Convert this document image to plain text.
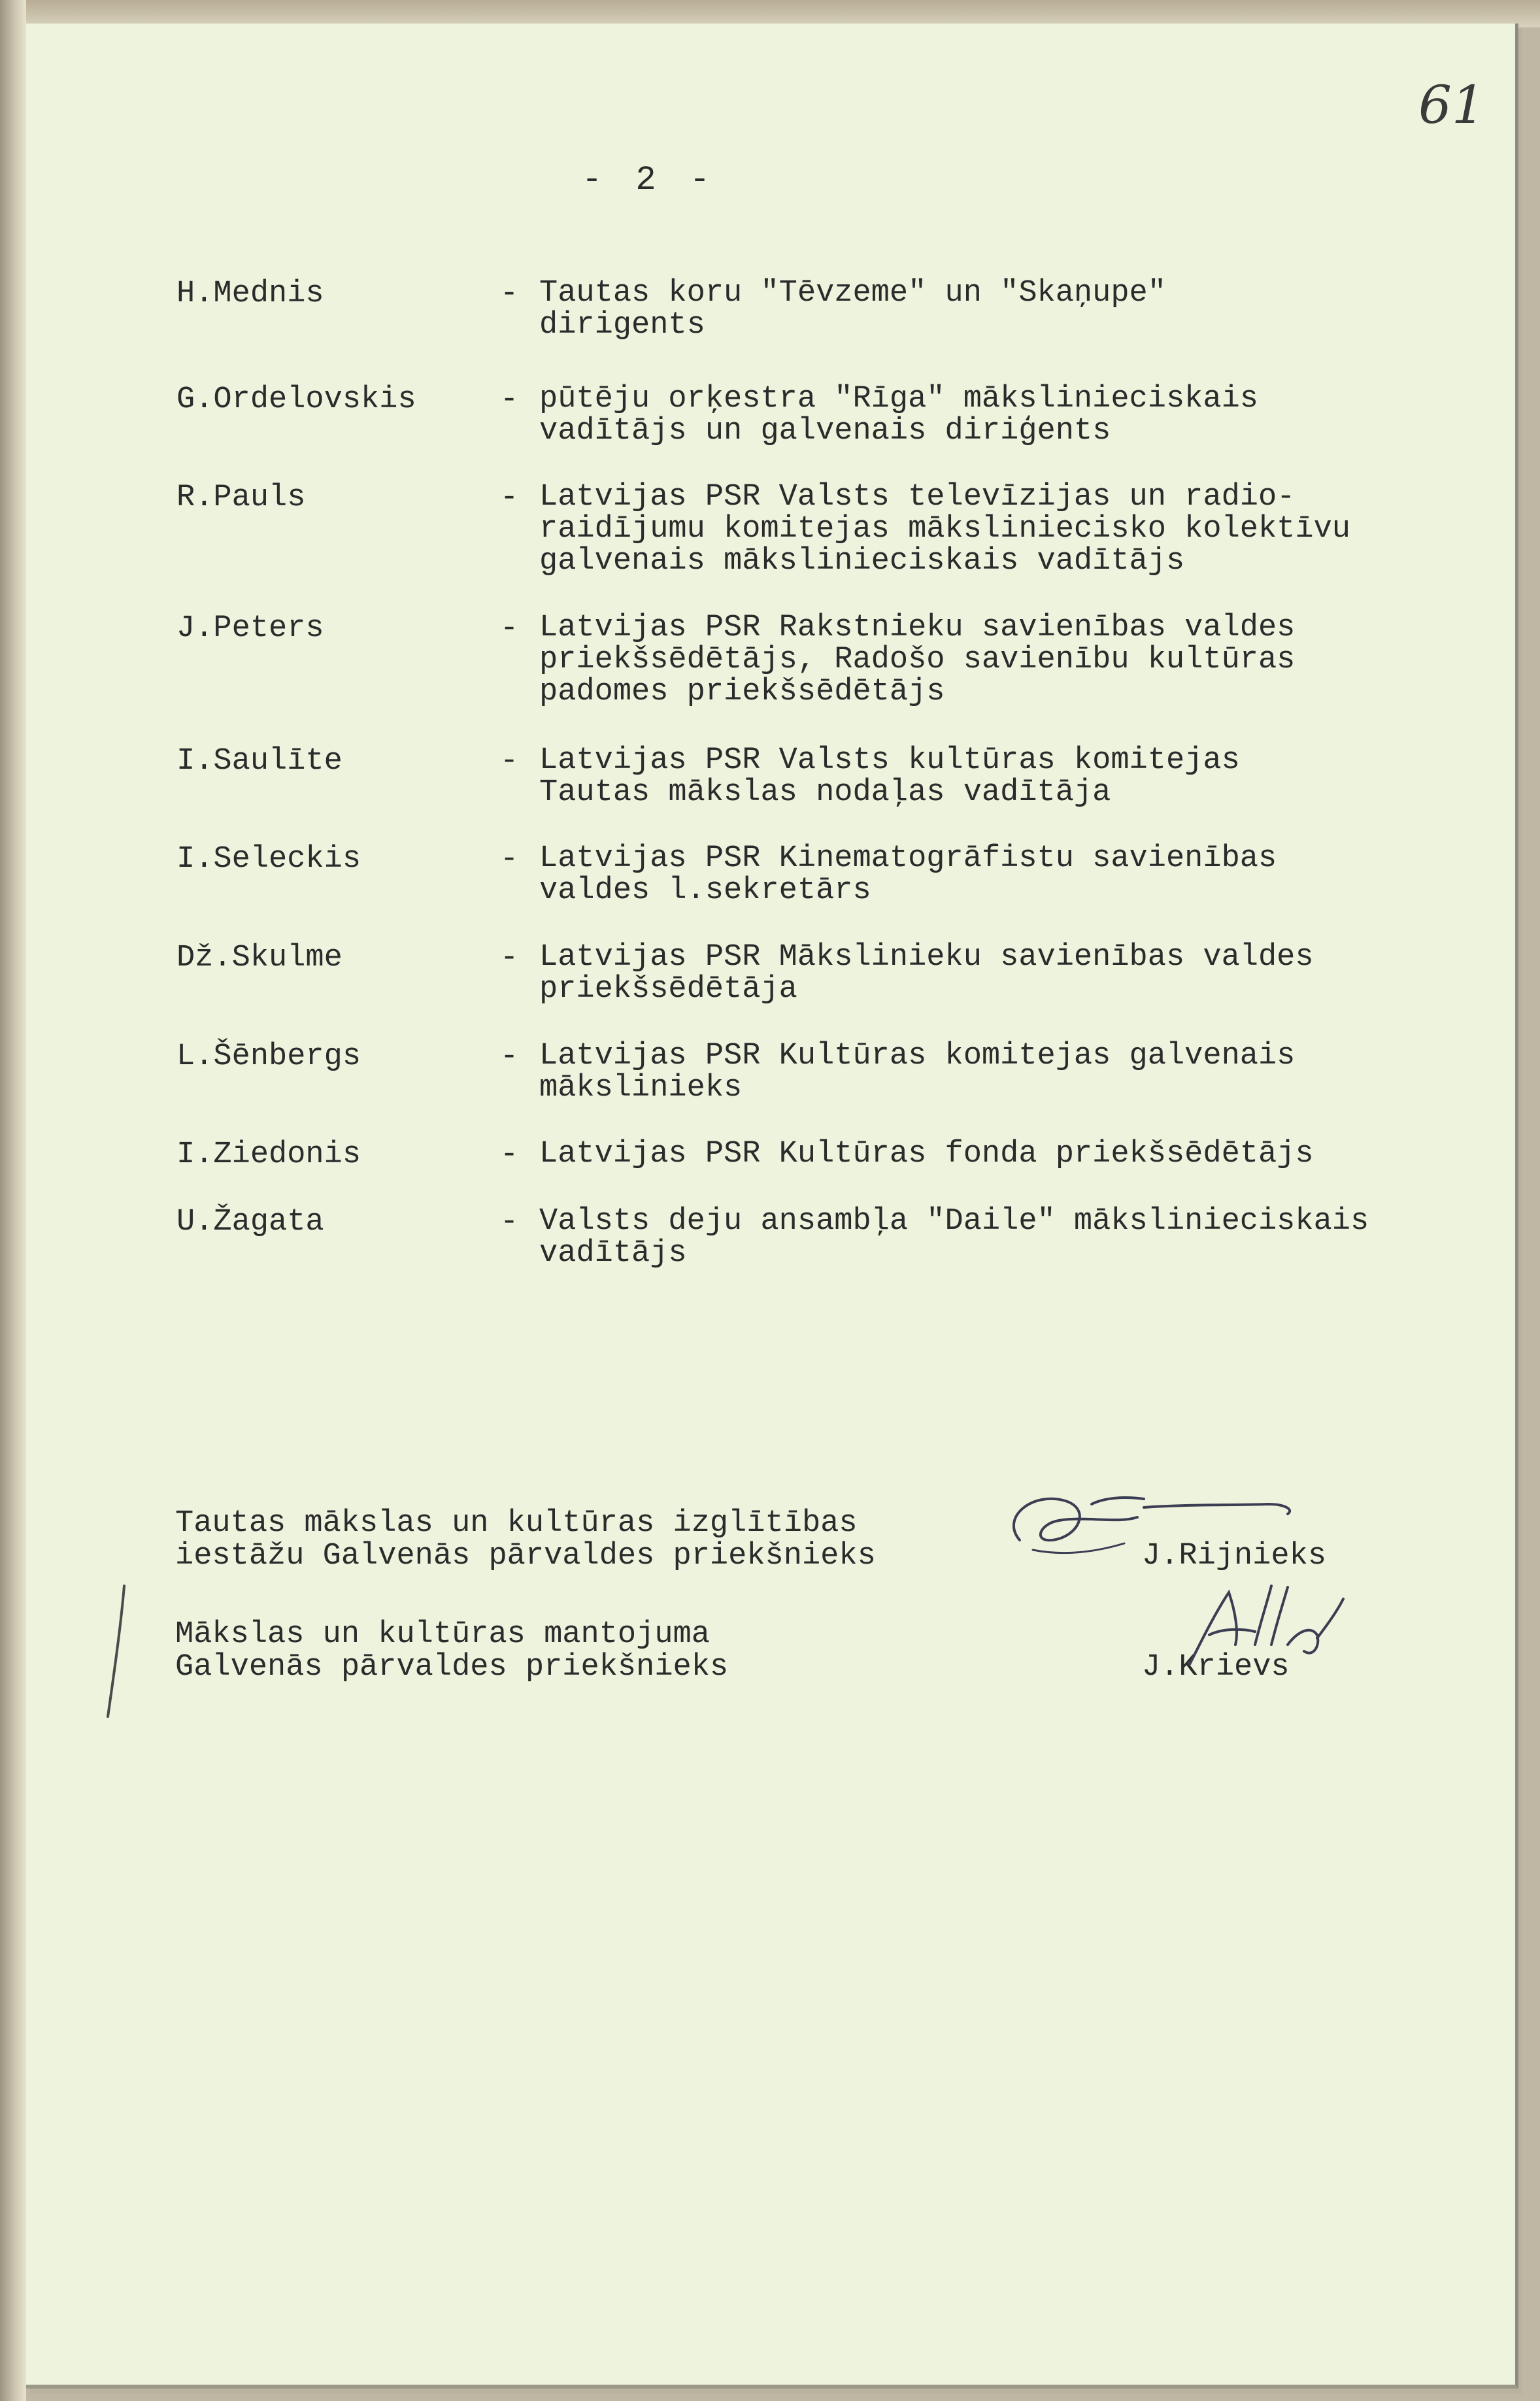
61
- 2 -
H.Mednis	- Tautas koru "Tēvzeme" un "Skaņupe"
dirigents
G.Ordelovskis	- pūtēju orķestra "Rīga" mākslinieciskais
vadītājs un galvenais diriģents
R.Pauls	- Latvijas PSR Valsts televīzijas un radio-
raidījumu komitejas mākslinieciskо kolektīvu
galvenais mākslinieciskais vadītājs
J.Peters	- Latvijas PSR Rakstnieku savienības valdes
priekšsēdētājs, Radošo savienību kultūras
padomes priekšsēdētājs
I.Saulīte	- Latvijas PSR Valsts kultūras komitejas
Tautas mākslas nodaļas vadītāja
I.Seleckis	- Latvijas PSR Kinematogrāfistu savienības
valdes l.sekretārs
Dž.Skulme	- Latvijas PSR Mākslinieku savienības valdes
priekšsēdētāja
L.Šēnbergs	- Latvijas PSR Kultūras komitejas galvenais
mākslinieks
I.Ziedonis	- Latvijas PSR Kultūras fonda priekšsēdētājs
U.Žagata	- Valsts deju ansambļa "Daile" mākslinieciskais
vadītājs
Tautas mākslas un kultūras izglītības
iestāžu Galvenās pārvaldes priekšnieks	J.Rijnieks
Mākslas un kultūras mantojuma
Galvenās pārvaldes priekšnieks	J.Krievs
